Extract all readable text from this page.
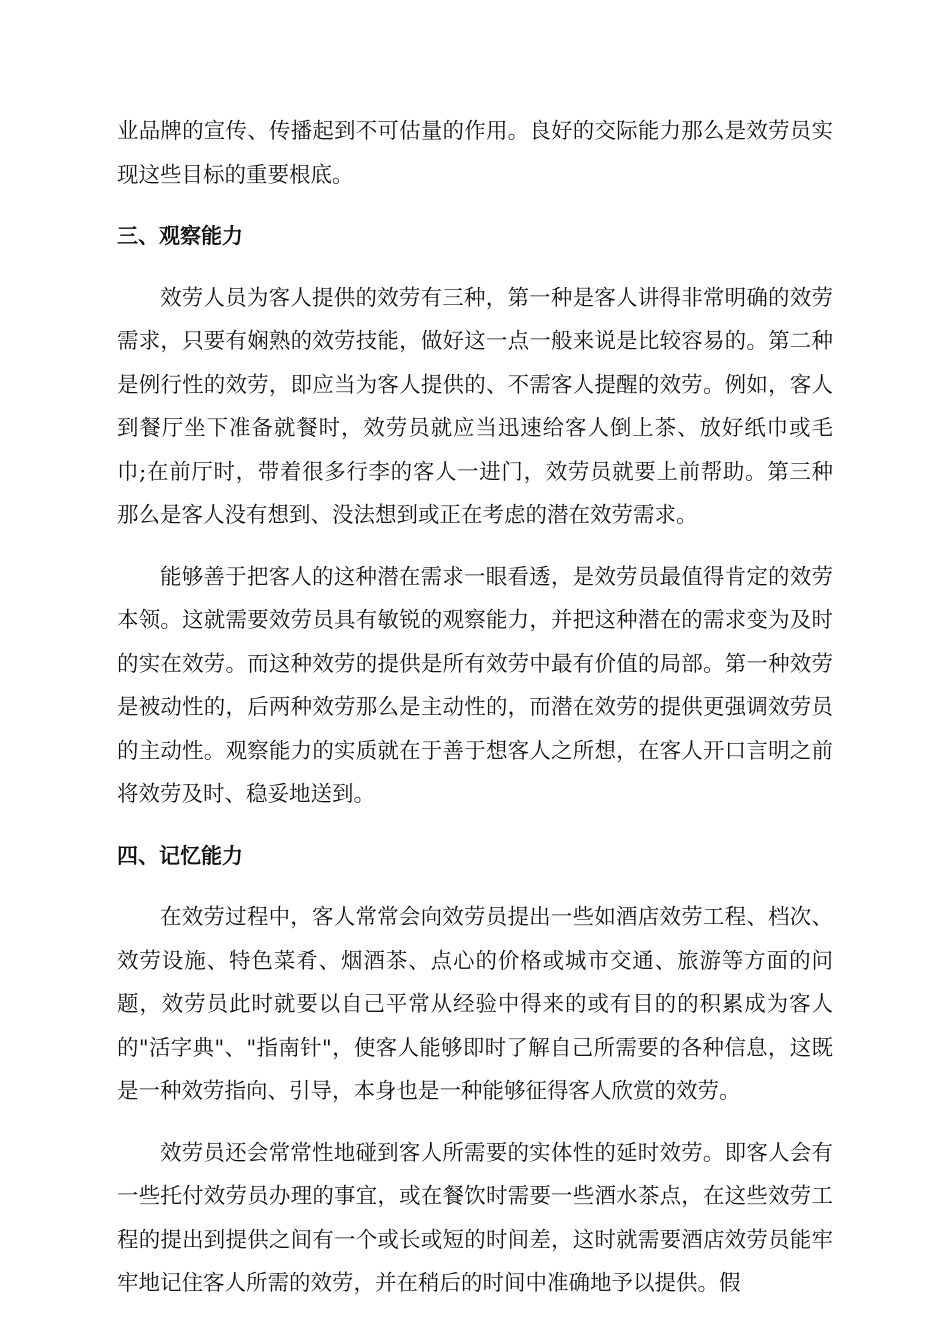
业品牌的宣传、传播起到不可估量的作用。良好的交际能力那么是效劳员实现这些目标的重要根底。

三、观察能力

效劳人员为客人提供的效劳有三种，第一种是客人讲得非常明确的效劳需求，只要有娴熟的效劳技能，做好这一点一般来说是比较容易的。第二种是例行性的效劳，即应当为客人提供的、不需客人提醒的效劳。例如，客人到餐厅坐下准备就餐时，效劳员就应当迅速给客人倒上茶、放好纸巾或毛巾;在前厅时，带着很多行李的客人一进门，效劳员就要上前帮助。第三种那么是客人没有想到、没法想到或正在考虑的潜在效劳需求。

能够善于把客人的这种潜在需求一眼看透，是效劳员最值得肯定的效劳本领。这就需要效劳员具有敏锐的观察能力，并把这种潜在的需求变为及时的实在效劳。而这种效劳的提供是所有效劳中最有价值的局部。第一种效劳是被动性的，后两种效劳那么是主动性的，而潜在效劳的提供更强调效劳员的主动性。观察能力的实质就在于善于想客人之所想，在客人开口言明之前将效劳及时、稳妥地送到。

四、记忆能力

在效劳过程中，客人常常会向效劳员提出一些如酒店效劳工程、档次、效劳设施、特色菜肴、烟酒茶、点心的价格或城市交通、旅游等方面的问题，效劳员此时就要以自己平常从经验中得来的或有目的的积累成为客人的"活字典"、"指南针"，使客人能够即时了解自己所需要的各种信息，这既是一种效劳指向、引导，本身也是一种能够征得客人欣赏的效劳。

效劳员还会常常性地碰到客人所需要的实体性的延时效劳。即客人会有一些托付效劳员办理的事宜，或在餐饮时需要一些酒水茶点，在这些效劳工程的提出到提供之间有一个或长或短的时间差，这时就需要酒店效劳员能牢牢地记住客人所需的效劳，并在稍后的时间中准确地予以提供。假
